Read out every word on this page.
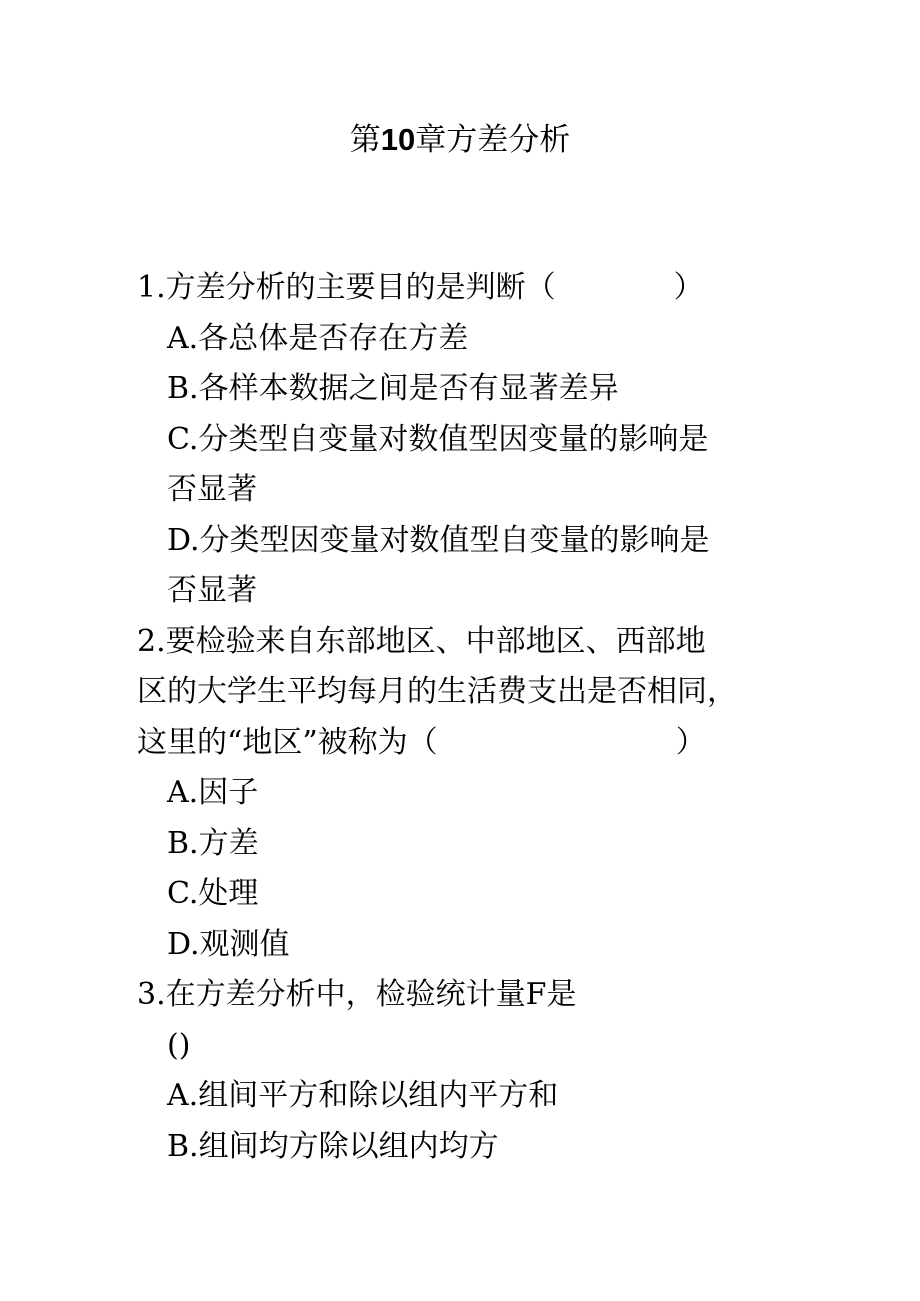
第10章方差分析
1.方差分析的主要目的是判断（	）
A.各总体是否存在方差
B.各样本数据之间是否有显著差异
C.分类型自变量对数值型因变量的影响是
否显著
D.分类型因变量对数值型自变量的影响是
否显著
2.要检验来自东部地区、中部地区、西部地
区的大学生平均每月的生活费支出是否相同，
这里的“地区”被称为（	）
A.因子
B.方差
C.处理
D.观测值
3.在方差分析中，检验统计量F是
()
A.组间平方和除以组内平方和
B.组间均方除以组内均方
